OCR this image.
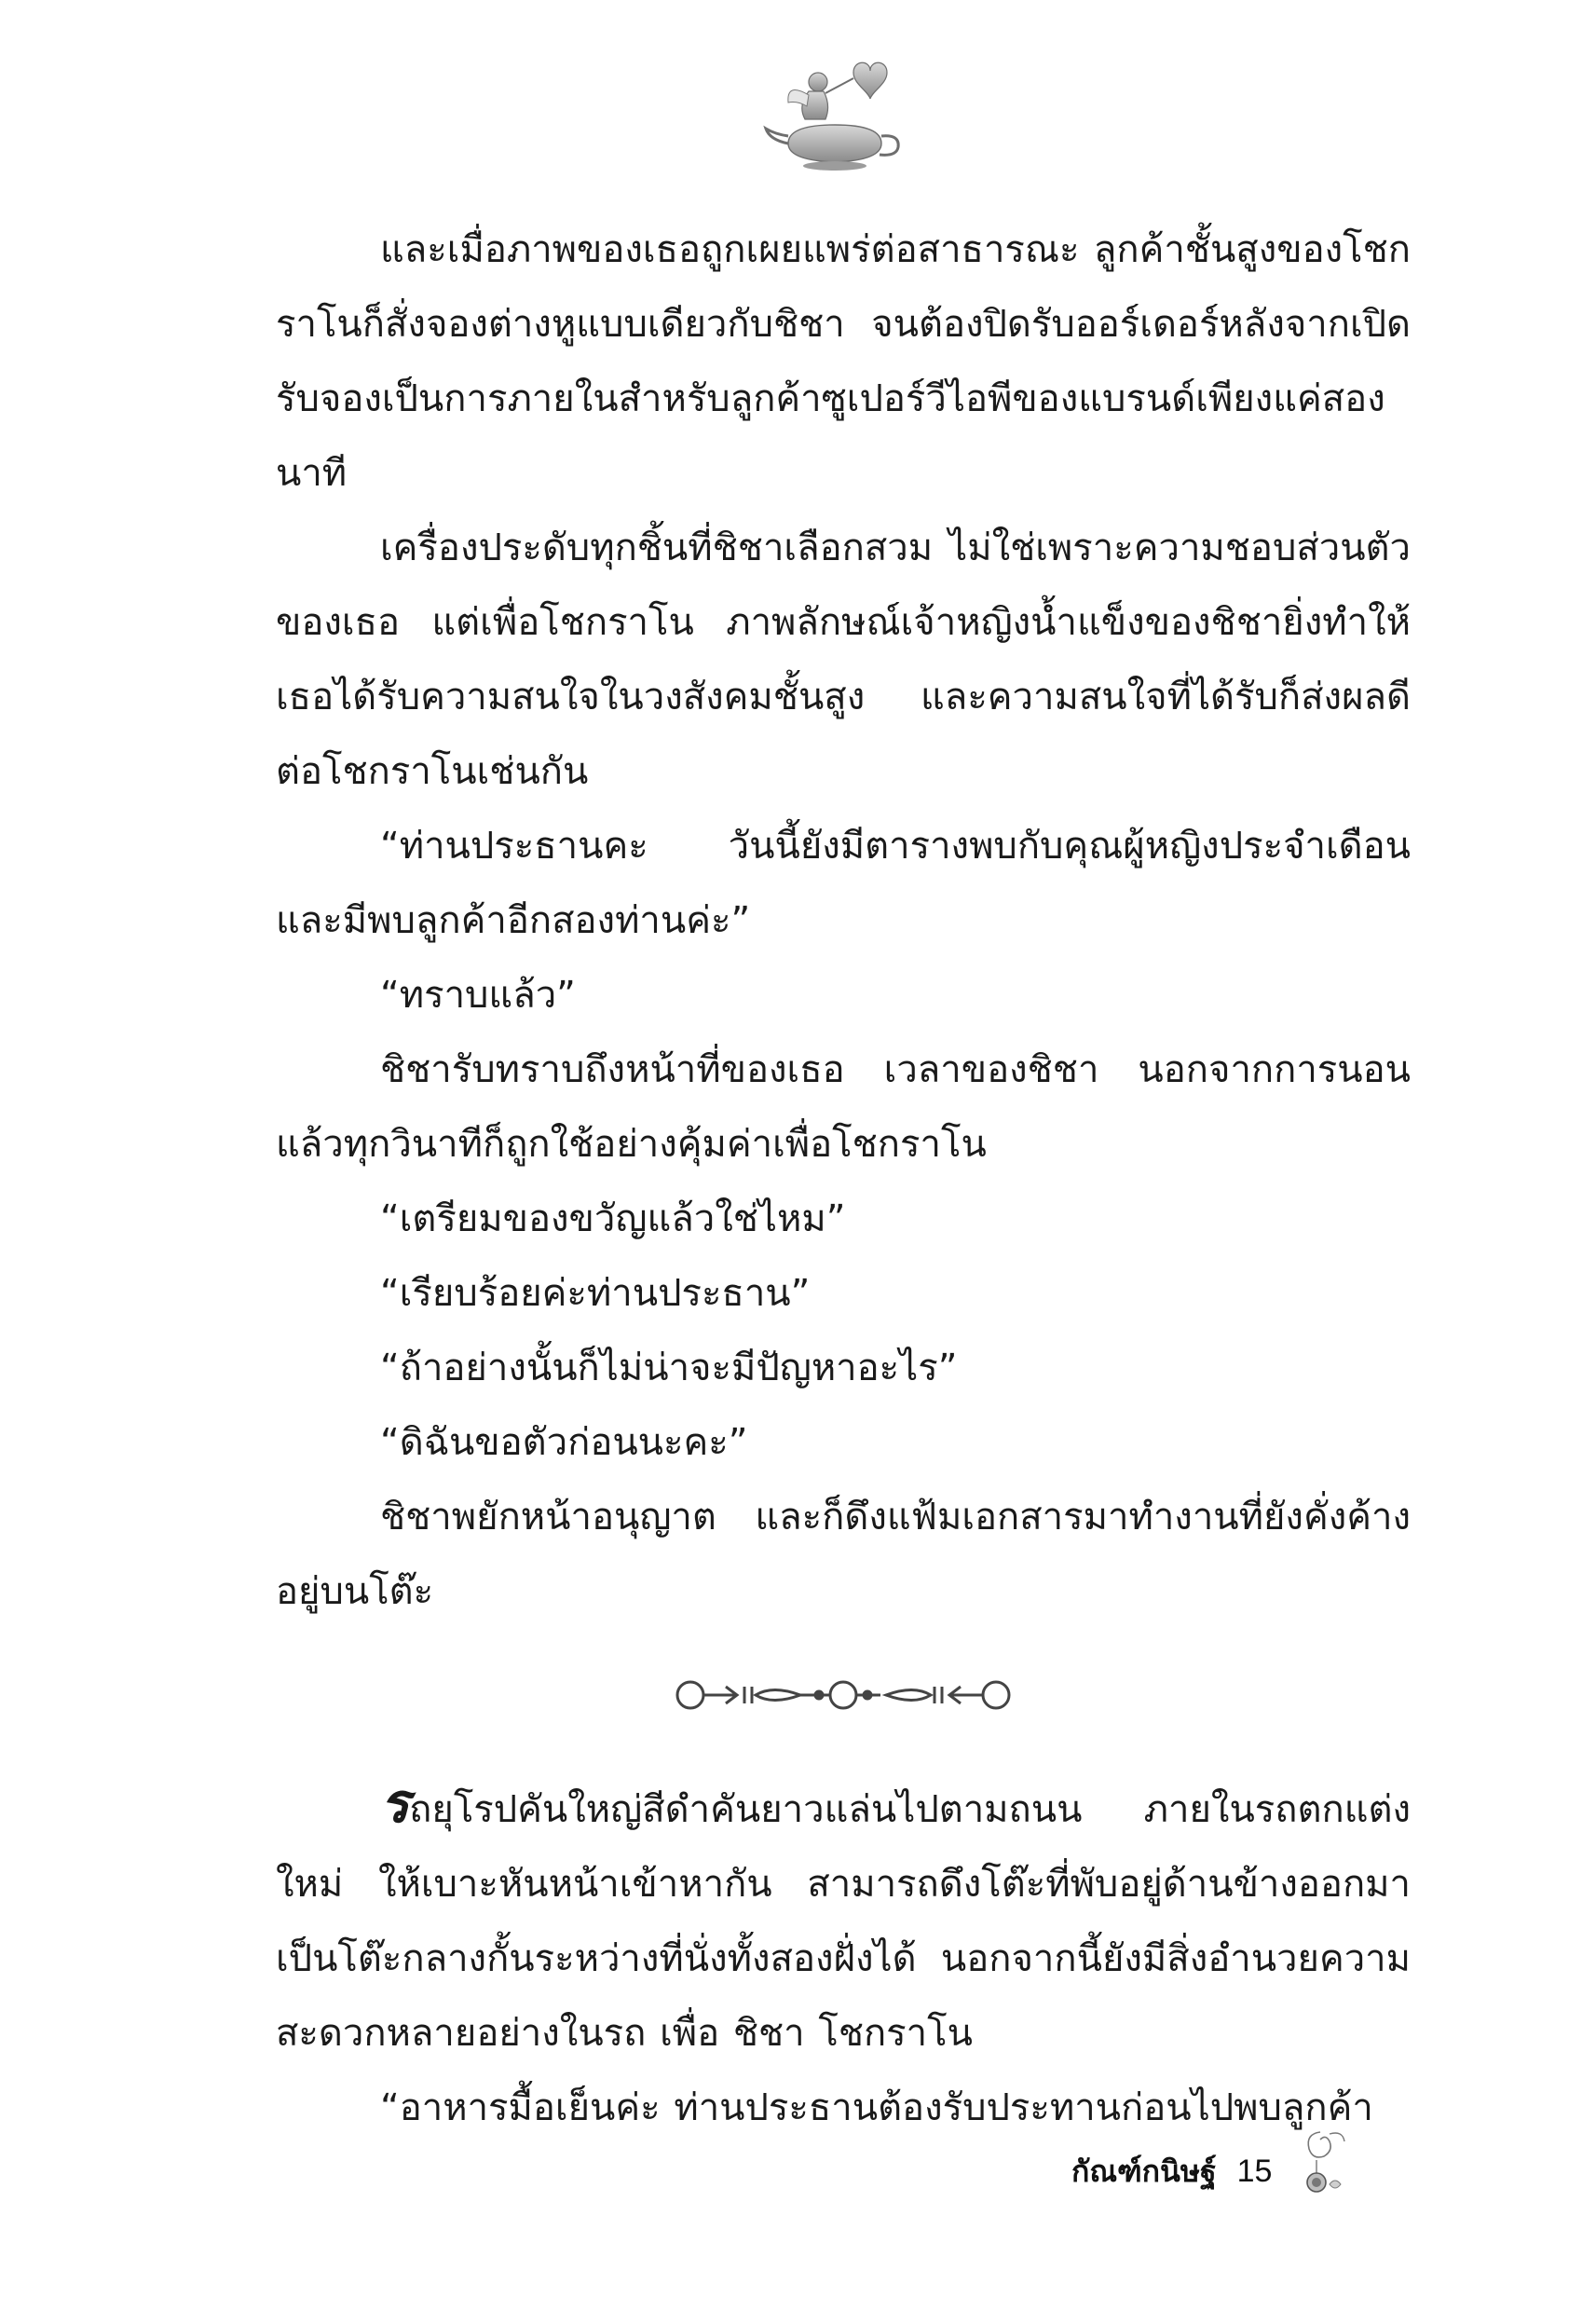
และเมื่อภาพของเธอถูกเผยแพร่ต่อสาธารณะ ลูกค้าชั้นสูงของโชกราโนก็สั่งจองต่างหูแบบเดียวกับชิชา จนต้องปิดรับออร์เดอร์หลังจากเปิดรับจองเป็นการภายในสำหรับลูกค้าซูเปอร์วีไอพีของแบรนด์เพียงแค่สองนาที

เครื่องประดับทุกชิ้นที่ชิชาเลือกสวม ไม่ใช่เพราะความชอบส่วนตัวของเธอ แต่เพื่อโชกราโน ภาพลักษณ์เจ้าหญิงน้ำแข็งของชิชายิ่งทำให้เธอได้รับความสนใจในวงสังคมชั้นสูง และความสนใจที่ได้รับก็ส่งผลดีต่อโชกราโนเช่นกัน

“ท่านประธานคะ วันนี้ยังมีตารางพบกับคุณผู้หญิงประจำเดือนและมีพบลูกค้าอีกสองท่านค่ะ”

“ทราบแล้ว”

ชิชารับทราบถึงหน้าที่ของเธอ เวลาของชิชา นอกจากการนอนแล้วทุกวินาทีก็ถูกใช้อย่างคุ้มค่าเพื่อโชกราโน

“เตรียมของขวัญแล้วใช่ไหม”

“เรียบร้อยค่ะท่านประธาน”

“ถ้าอย่างนั้นก็ไม่น่าจะมีปัญหาอะไร”

“ดิฉันขอตัวก่อนนะคะ”

ชิชาพยักหน้าอนุญาต และก็ดึงแฟ้มเอกสารมาทำงานที่ยังคั่งค้างอยู่บนโต๊ะ

รถยุโรปคันใหญ่สีดำคันยาวแล่นไปตามถนน ภายในรถตกแต่งใหม่ ให้เบาะหันหน้าเข้าหากัน สามารถดึงโต๊ะที่พับอยู่ด้านข้างออกมาเป็นโต๊ะกลางกั้นระหว่างที่นั่งทั้งสองฝั่งได้ นอกจากนี้ยังมีสิ่งอำนวยความสะดวกหลายอย่างในรถ เพื่อ ชิชา โชกราโน

“อาหารมื้อเย็นค่ะ ท่านประธานต้องรับประทานก่อนไปพบลูกค้า

กัณฑ์กนิษฐ์ 15
